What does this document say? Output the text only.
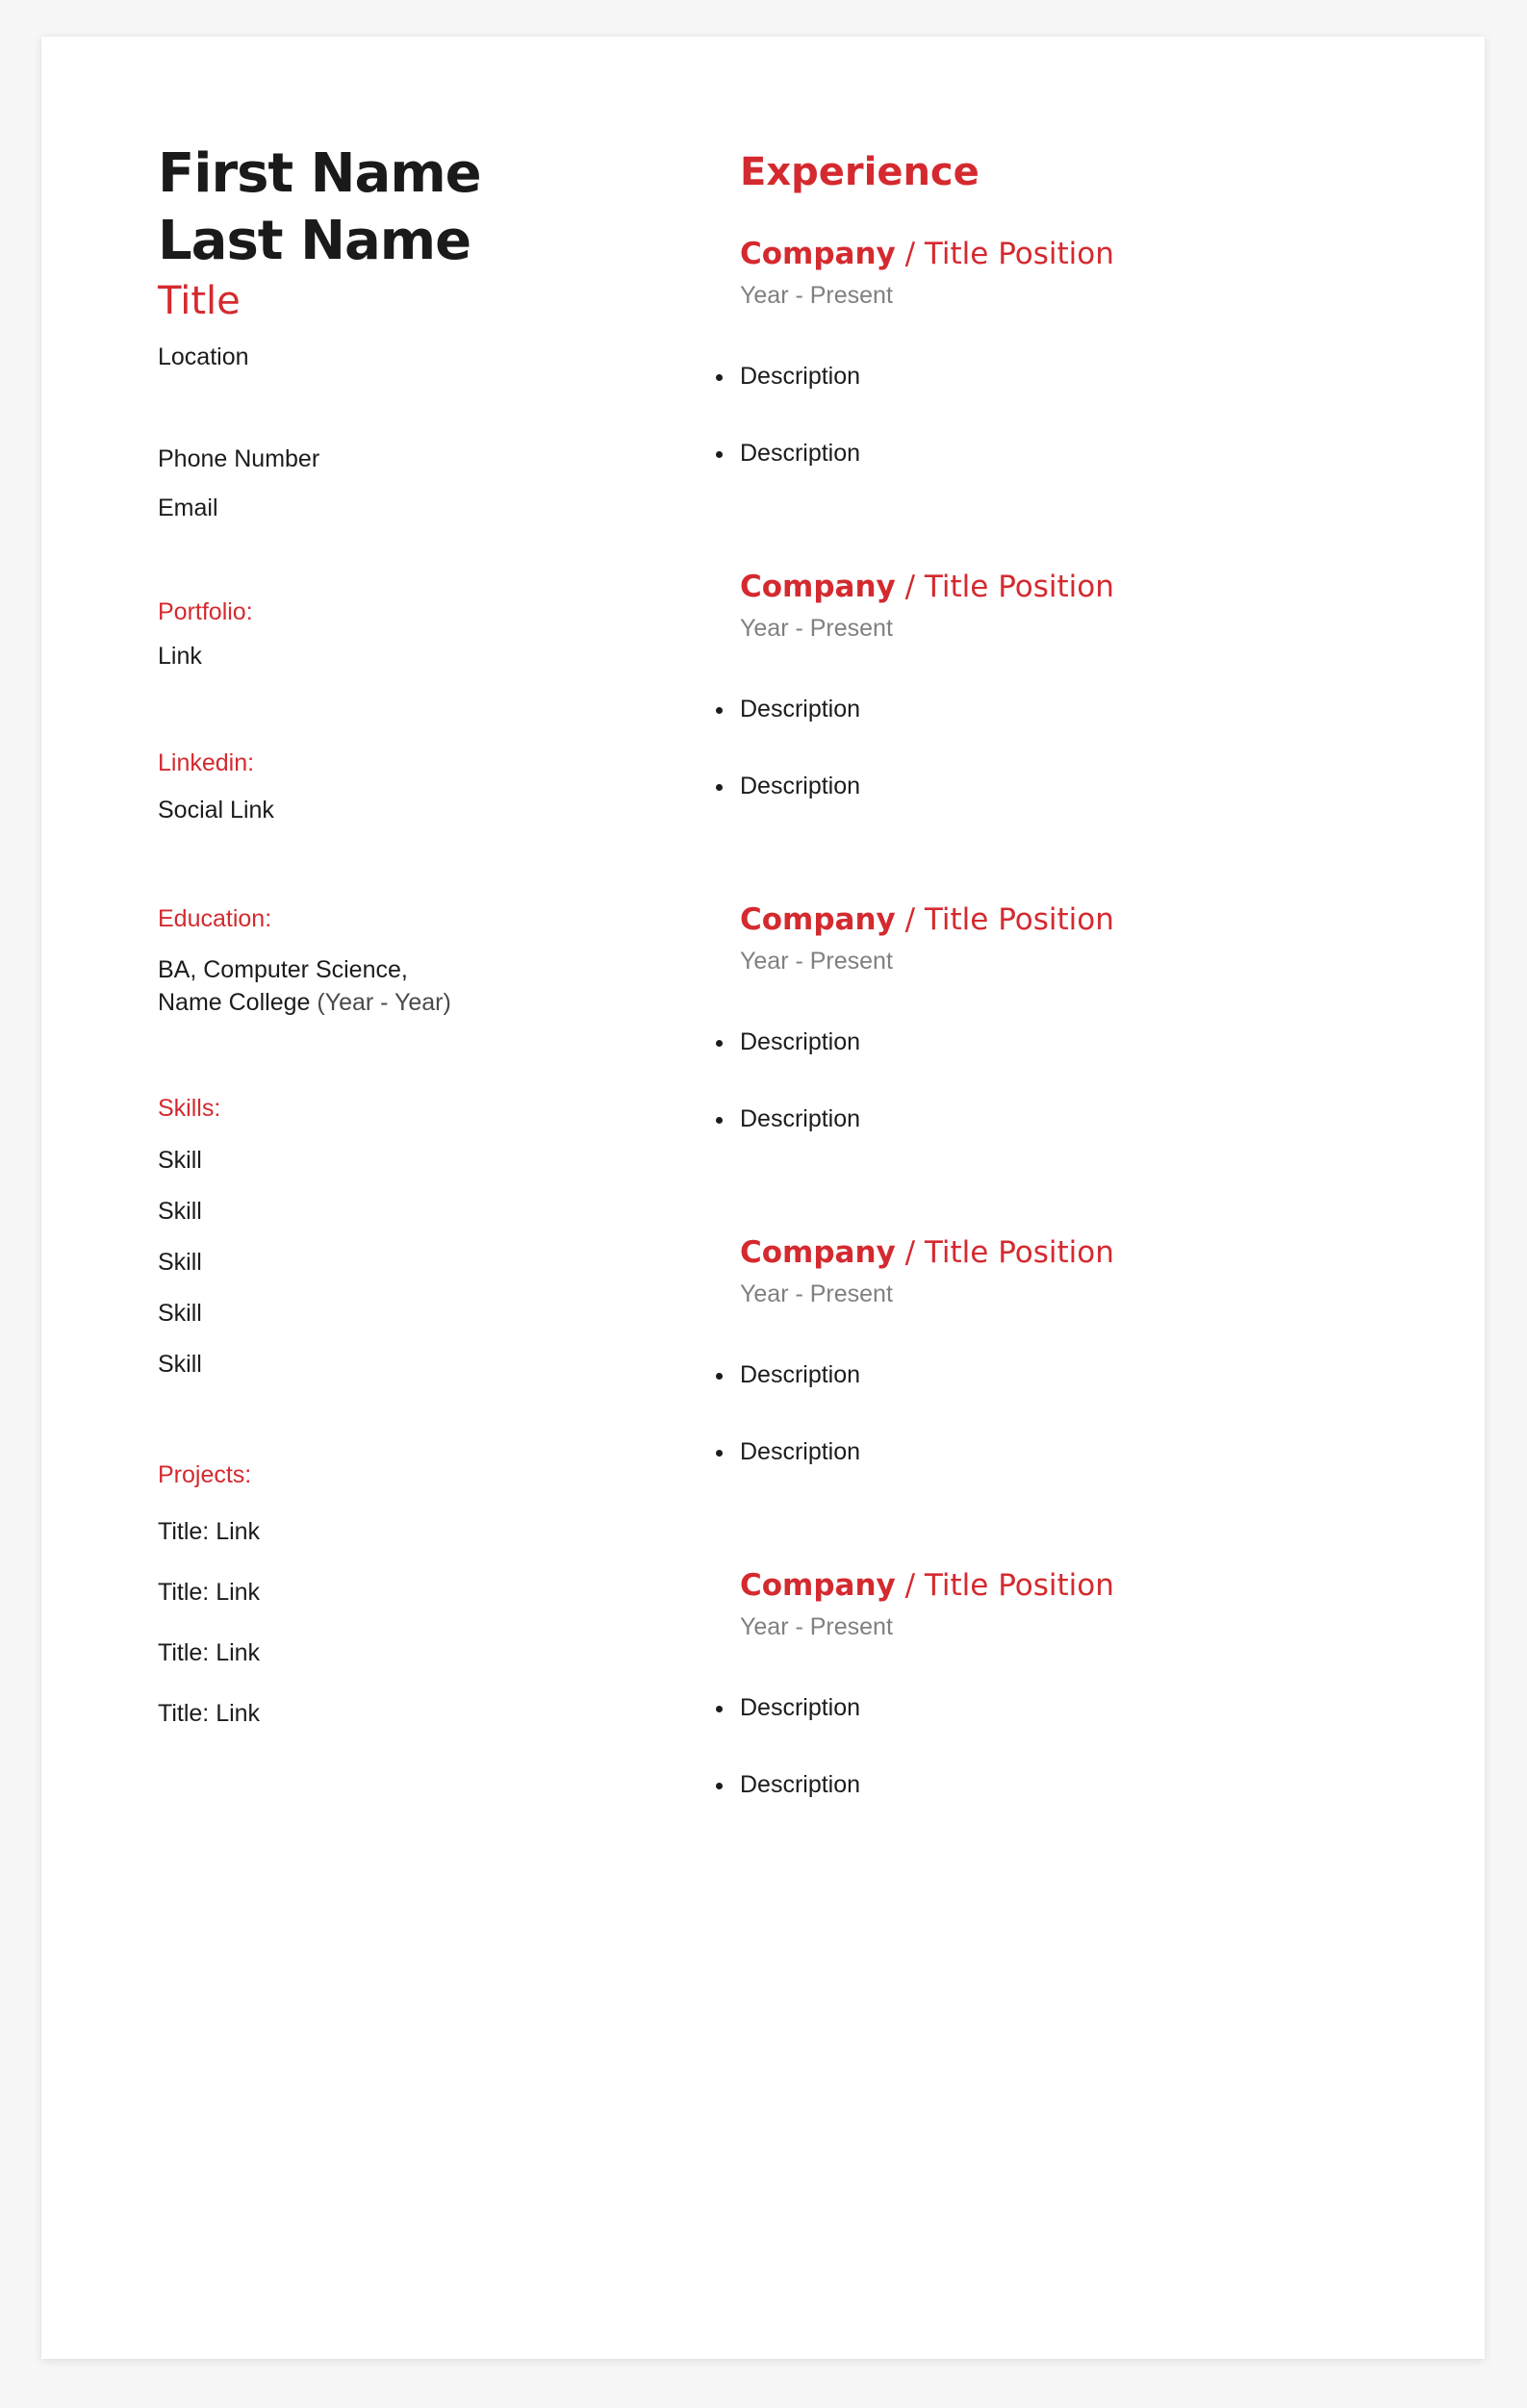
First Name
Last Name
Title
Location
Phone Number
Email
Portfolio:
Link
Linkedin:
Social Link
Education:
BA, Computer Science,
Name College (Year - Year)
Skills:
Skill
Skill
Skill
Skill
Skill
Projects:
Title: Link
Title: Link
Title: Link
Title: Link
Experience
Company / Title Position
Year - Present
Description
Description
Company / Title Position
Year - Present
Description
Description
Company / Title Position
Year - Present
Description
Description
Company / Title Position
Year - Present
Description
Description
Company / Title Position
Year - Present
Description
Description
